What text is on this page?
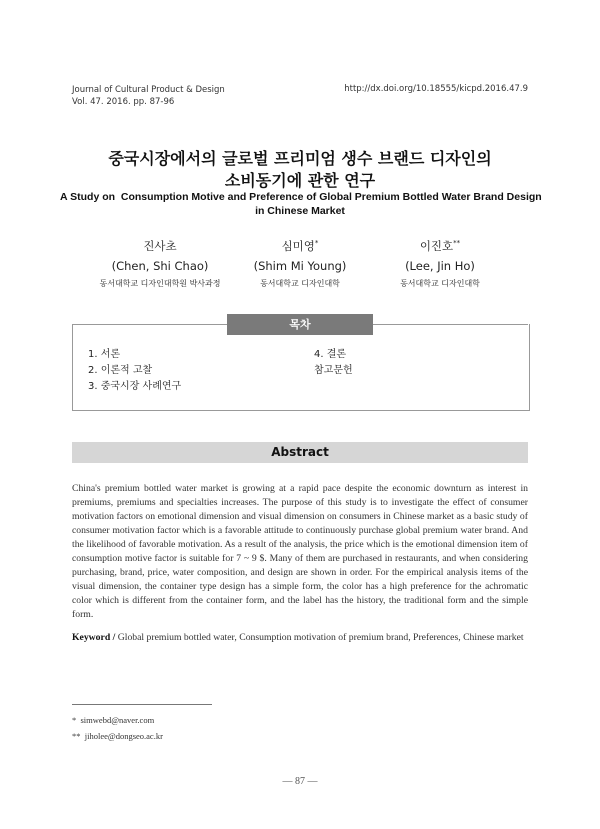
Journal of Cultural Product & Design
Vol. 47. 2016. pp. 87-96
http://dx.doi.org/10.18555/kicpd.2016.47.9
중국시장에서의 글로벌 프리미엄 생수 브랜드 디자인의
소비동기에 관한 연구
A Study on  Consumption Motive and Preference of Global Premium Bottled Water Brand Design
in Chinese Market
진사초
(Chen, Shi Chao)
동서대학교 디자인대학원 박사과정
심미영*
(Shim Mi Young)
동서대학교 디자인대학
이진호**
(Lee, Jin Ho)
동서대학교 디자인대학
목차
1. 서론
2. 이론적 고찰
3. 중국시장 사례연구
4. 결론
참고문헌
Abstract
China's premium bottled water market is growing at a rapid pace despite the economic downturn as interest in premiums, premiums and specialties increases. The purpose of this study is to investigate the effect of consumer motivation factors on emotional dimension and visual dimension on consumers in Chinese market as a basic study of consumer motivation factor which is a favorable attitude to continuously purchase global premium water brand. And the likelihood of favorable motivation. As a result of the analysis, the price which is the emotional dimension item of consumption motive factor is suitable for 7 ~ 9 $. Many of them are purchased in restaurants, and when considering purchasing, brand, price, water composition, and design are shown in order. For the empirical analysis items of the visual dimension, the container type design has a simple form, the color has a high preference for the achromatic color which is different from the container form, and the label has the history, the traditional form and the simple form.
Keyword / Global premium bottled water, Consumption motivation of premium brand, Preferences, Chinese market
* simwebd@naver.com
** jiholee@dongseo.ac.kr
— 87 —
